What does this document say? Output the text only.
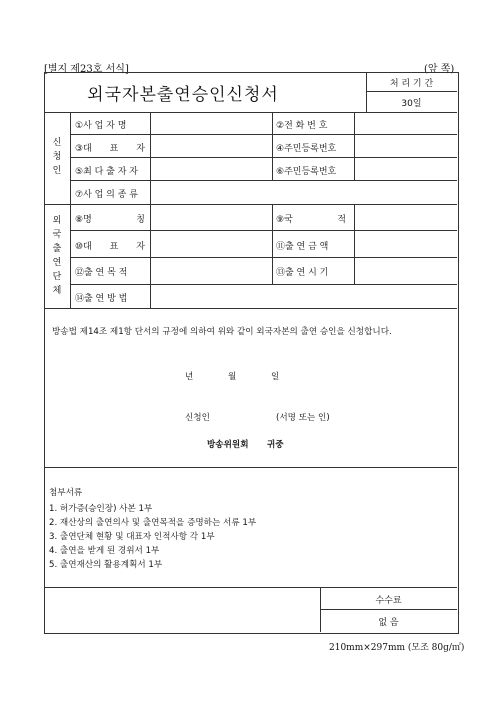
[별지 제23호 서식]	(앞 쪽)
외국자본출연승인신청서
처 리 기 간
30일
신
청
인
①사 업 자 명	②전 화 번 호
③대 표 자	④주민등록번호
⑤최 다 출 자 자	⑥주민등록번호
⑦사 업 의 종 류
외
국
출
연
단
체
⑧명	칭	⑨국	적
⑩대 표 자	⑪출 연 금 액
⑫출 연 목 적	⑬출 연 시 기
⑭출 연 방 법
방송법 제14조 제1항 단서의 규정에 의하여 위와 같이 외국자본의 출연 승인을 신청합니다.
년	월	일
신청인	(서명 또는 인)
방송위원회 귀중
첨부서류
1. 허가증(승인장) 사본 1부
2. 재산상의 출연의사 및 출연목적을 증명하는 서류 1부
3. 출연단체 현황 및 대표자 인적사항 각 1부
4. 출연을 받게 된 경위서 1부
5. 출연재산의 활용계획서 1부
수수료
없 음
210mm×297mm (모조 80g/㎡)
